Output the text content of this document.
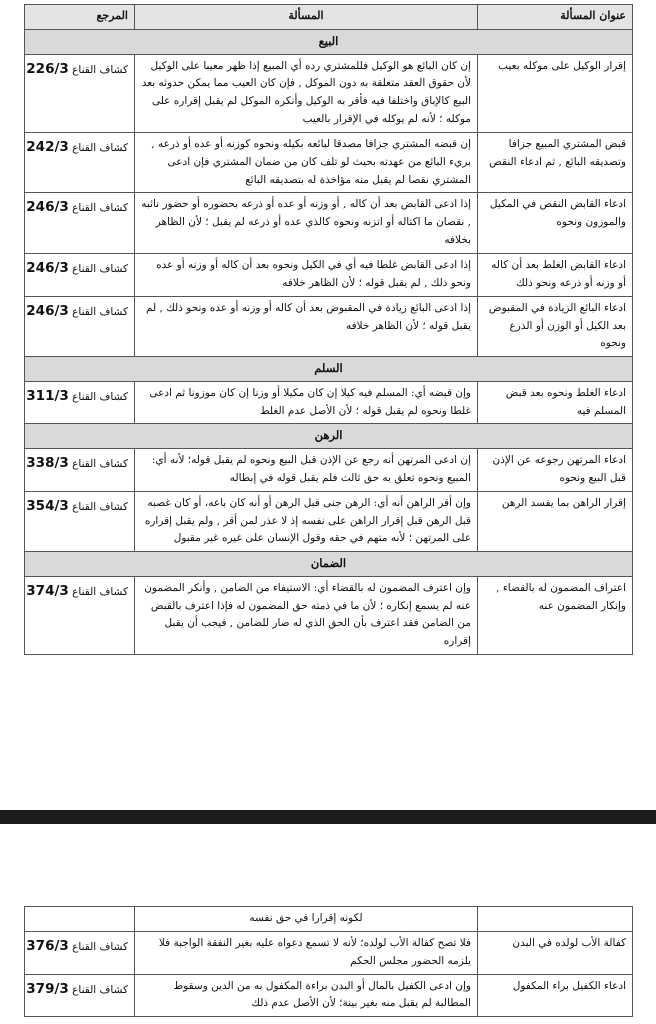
عنوان المسألة	المسألة	المرجع
البيع		
إقرار الوكيل على موكله بعيب	إن كان البائع هو الوكيل فللمشتري رده أي المبيع إذا ظهر معيبا على الوكيل لأن حقوق العقد متعلقة به دون الموكل , فإن كان العيب مما يمكن حدوثه بعد البيع كالإباق واختلفا فيه فأقر به الوكيل وأنكره الموكل لم يقبل إقراره على موكله ؛ لأنه لم يوكله في الإقرار بالعيب	كشاف القناع 226/3
قبض المشتري المبيع جزافا وتصديقه البائع , ثم ادعاء النقص	إن قبضه المشتري جزافا مصدقا لبائعه بكيله ونحوه كوزنه أو عده أو ذرعه , بريء البائع من عهدته بحيث لو تلف كان من ضمان المشتري فإن ادعى المشتري نقصا لم يقبل منه مؤاخذة له بتصديقه البائع	كشاف القناع 242/3
ادعاء القابض النقص في المكيل والموزون ونحوه	إذا ادعى القابض بعد أن كاله , أو وزنه أو عده أو ذرعه بحضوره أو حضور نائبه , نقصان ما اكتاله أو اتزنه ونحوه كالذي عده أو ذرعه لم يقبل ؛ لأن الظاهر بخلافه	كشاف القناع 246/3
ادعاء القابض الغلط بعد أن كاله أو وزنه أو ذرعه ونحو ذلك	إذا ادعى القابض غلطا فيه أي في الكيل ونحوه بعد أن كاله أو وزنه أو عده ونحو ذلك , لم يقبل قوله ؛ لأن الظاهر خلافه	كشاف القناع 246/3
ادعاء البائع الزيادة في المقبوض بعد الكيل أو الوزن أو الذرع ونحوه	إذا ادعى البائع زيادة في المقبوض بعد أن كاله أو وزنه أو عده ونحو ذلك , لم يقبل قوله ؛ لأن الظاهر خلافه	كشاف القناع 246/3
السلم		
ادعاء الغلط ونحوه بعد قبض المسلم فيه	وإن قبضه أي: المسلم فيه كيلا إن كان مكيلا أو وزنا إن كان موزونا ثم ادعى غلطا ونحوه لم يقبل قوله ؛ لأن الأصل عدم الغلط	كشاف القناع 311/3
الرهن		
ادعاء المرتهن رجوعه عن الإذن قبل البيع ونحوه	إن ادعى المرتهن أنه رجع عن الإذن قبل البيع ونحوه لم يقبل قوله؛ لأنه أي: المبيع ونحوه تعلق به حق ثالث فلم يقبل قوله في إبطاله	كشاف القناع 338/3
إقرار الراهن بما يفسد الرهن	وإن أقر الراهن أنه أي: الرهن جنى قبل الرهن أو أنه كان باعه، أو كان غصبه قبل الرهن قبل إقرار الراهن على نفسه إذ لا عذر لمن أقر , ولم يقبل إقراره على المرتهن ؛ لأنه متهم في حقه وقول الإنسان على غيره غير مقبول	كشاف القناع 354/3
الضمان		
اعتراف المضمون له بالقضاء , وإنكار المضمون عنه	وإن اعترف المضمون له بالقضاء أي: الاستيفاء من الضامن , وأنكر المضمون عنه لم يسمع إنكاره ؛ لأن ما في ذمته حق المضمون له فإذا اعترف بالقبض من الضامن فقد اعترف بأن الحق الذي له صار للضامن , فيجب أن يقبل إقراره	كشاف القناع 374/3
	لكونه إقرارا في حق نفسه	
كفالة الأب لولده في البدن	فلا تصح كفالة الأب لولده؛ لأنه لا تسمع دعواه عليه بغير النفقة الواجبة فلا يلزمه الحضور مجلس الحكم	كشاف القناع 376/3
ادعاء الكفيل براء المكفول	وإن ادعى الكفيل بالمال أو البدن براءة المكفول به من الدين وسقوط المطالبة لم يقبل منه بغير بينة؛ لأن الأصل عدم ذلك	كشاف القناع 379/3
